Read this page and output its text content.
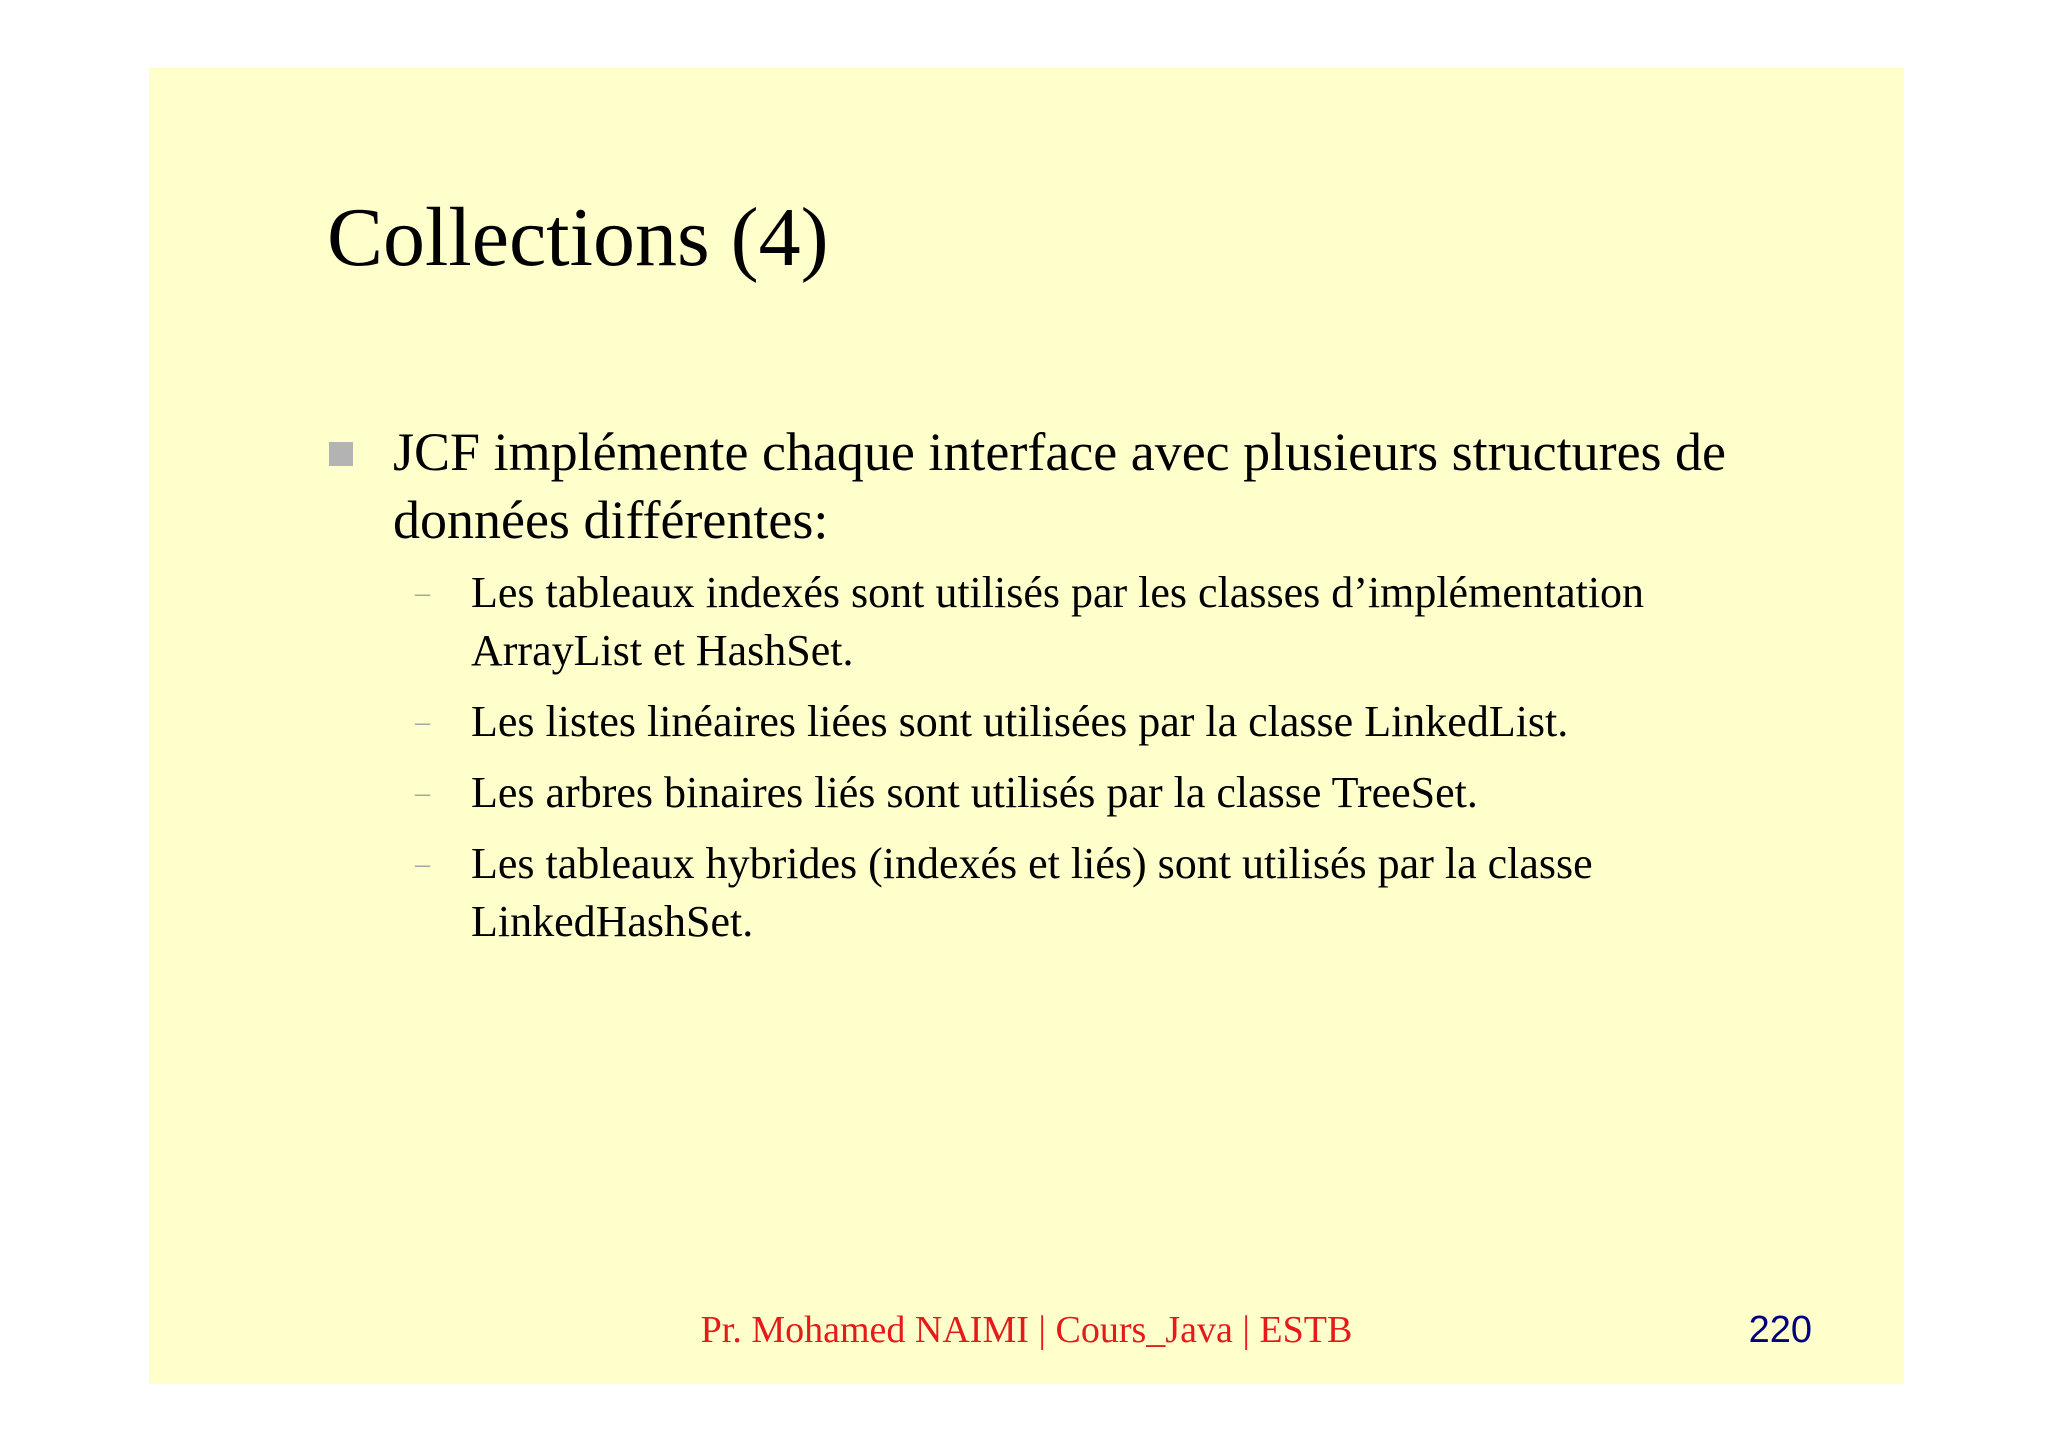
Collections (4)
JCF implémente chaque interface avec plusieurs structures de données différentes:
– Les tableaux indexés sont utilisés par les classes d’implémentation ArrayList et HashSet.
– Les listes linéaires liées sont utilisées par la classe LinkedList.
– Les arbres binaires liés sont utilisés par la classe TreeSet.
– Les tableaux hybrides (indexés et liés) sont utilisés par la classe LinkedHashSet.
Pr. Mohamed NAIMI | Cours_Java | ESTB	220
